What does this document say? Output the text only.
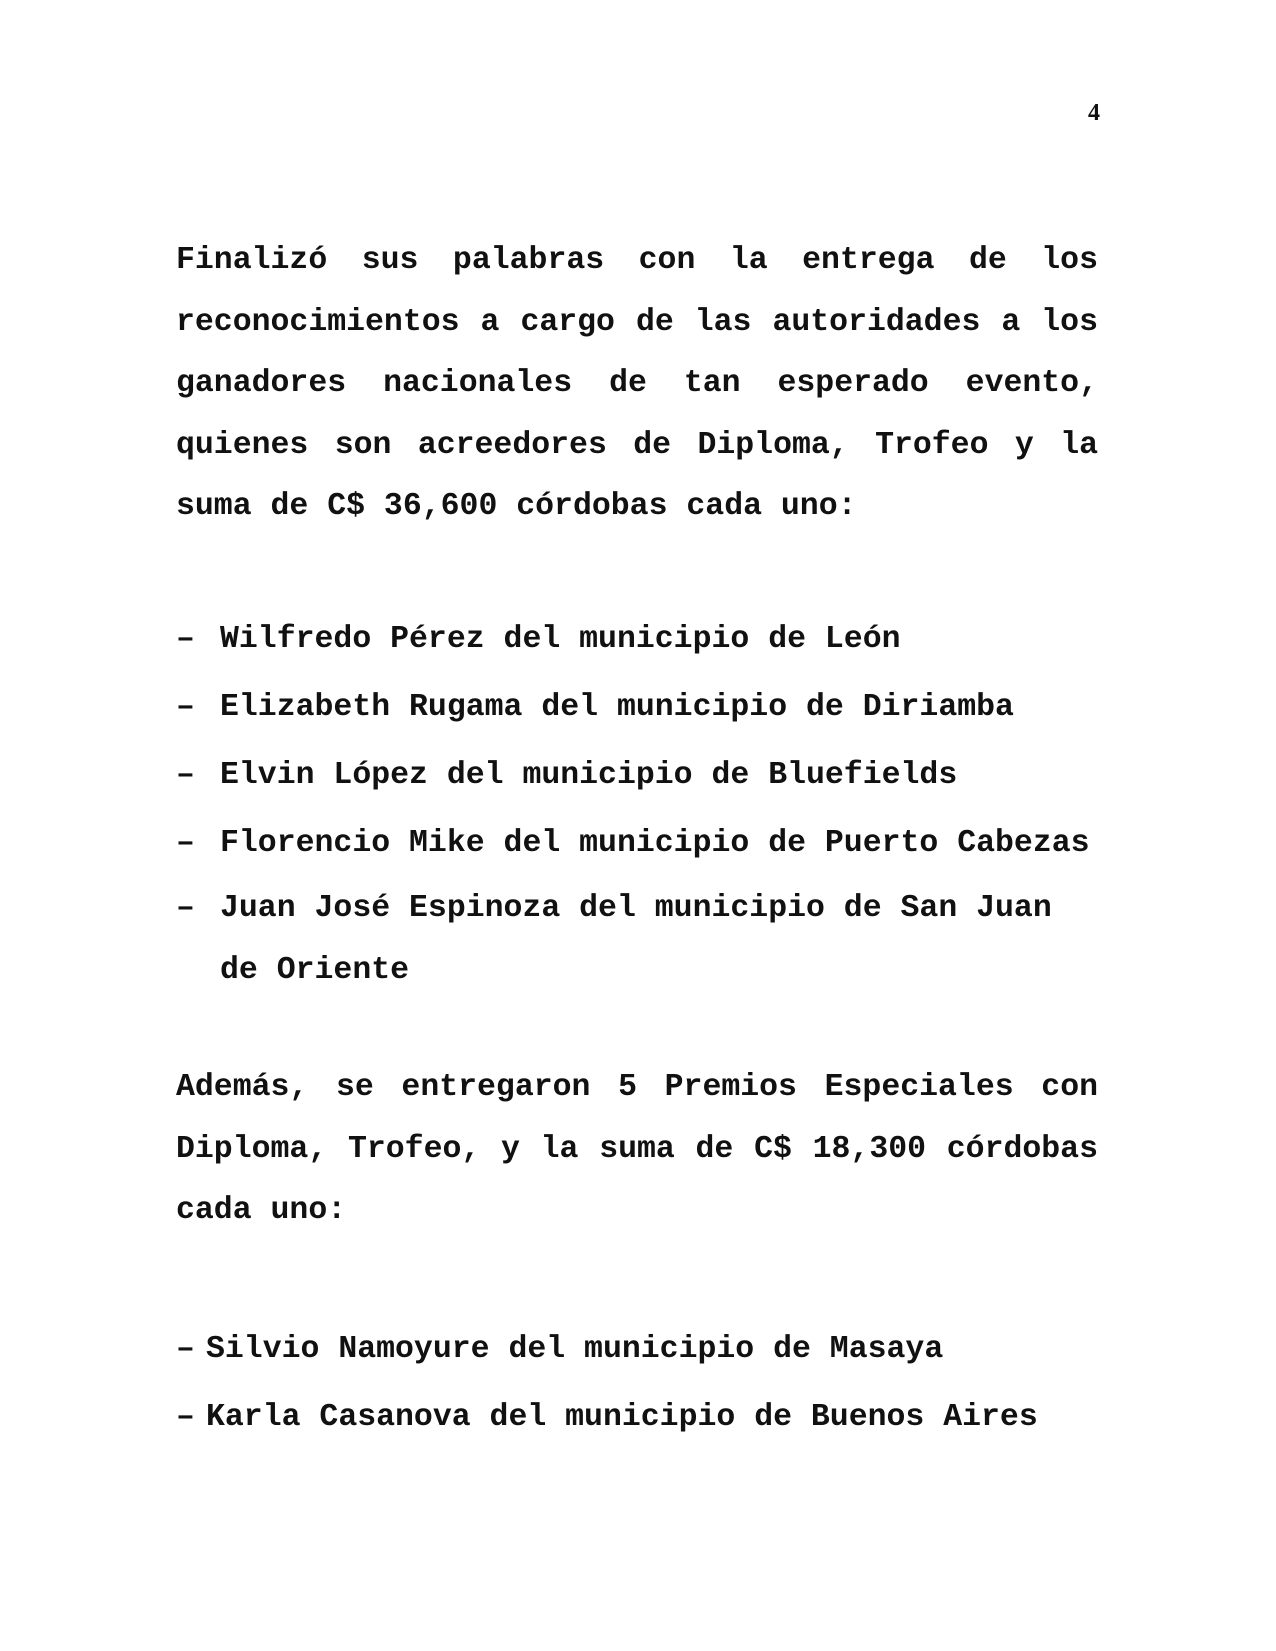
4

Finalizó sus palabras con la entrega de los reconocimientos a cargo de las autoridades a los ganadores nacionales de tan esperado evento, quienes son acreedores de Diploma, Trofeo y la suma de C$ 36,600 córdobas cada uno:

– Wilfredo Pérez del municipio de León
– Elizabeth Rugama del municipio de Diriamba
– Elvin López del municipio de Bluefields
– Florencio Mike del municipio de Puerto Cabezas
– Juan José Espinoza del municipio de San Juan de Oriente

Además, se entregaron 5 Premios Especiales con Diploma, Trofeo, y la suma de C$ 18,300 córdobas cada uno:

– Silvio Namoyure del municipio de Masaya
– Karla Casanova del municipio de Buenos Aires
